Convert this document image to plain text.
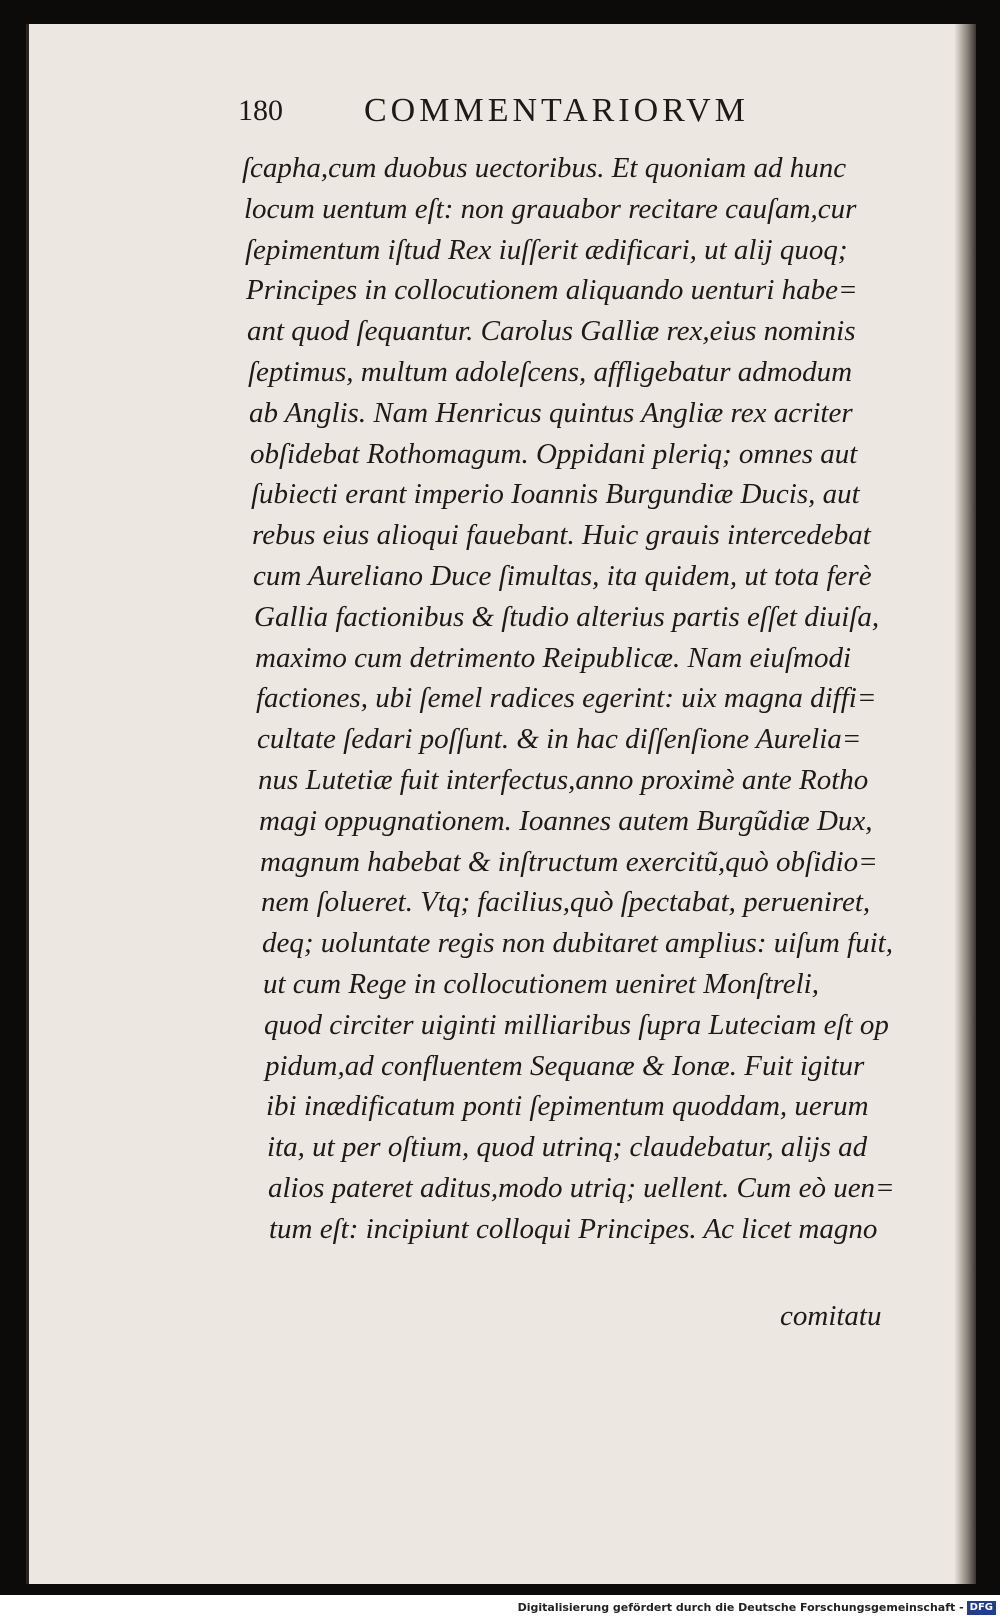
180 COMMENTARIORVM
ſcapha,cum duobus uectoribus. Et quoniam ad hunc
locum uentum eſt: non grauabor recitare cauſam,cur
ſepimentum iſtud Rex iuſſerit ædificari, ut alij quoq;
Principes in collocutionem aliquando uenturi habe=
ant quod ſequantur. Carolus Galliæ rex,eius nominis
ſeptimus, multum adoleſcens, affligebatur admodum
ab Anglis. Nam Henricus quintus Angliæ rex acriter
obſidebat Rothomagum. Oppidani pleriq; omnes aut
ſubiecti erant imperio Ioannis Burgundiæ Ducis, aut
rebus eius alioqui fauebant. Huic grauis intercedebat
cum Aureliano Duce ſimultas, ita quidem, ut tota ferè
Gallia factionibus & ſtudio alterius partis eſſet diuiſa,
maximo cum detrimento Reipublicæ. Nam eiuſmodi
factiones, ubi ſemel radices egerint: uix magna diffi=
cultate ſedari poſſunt. & in hac diſſenſione Aurelia=
nus Lutetiæ fuit interfectus,anno proximè ante Rotho
magi oppugnationem. Ioannes autem Burgũdiæ Dux,
magnum habebat & inſtructum exercitũ,quò obſidio=
nem ſolueret. Vtq; facilius,quò ſpectabat, perueniret,
deq; uoluntate regis non dubitaret amplius: uiſum fuit,
ut cum Rege in collocutionem ueniret Monſtreli,
quod circiter uiginti milliaribus ſupra Luteciam eſt op
pidum,ad confluentem Sequanæ & Ionæ. Fuit igitur
ibi inædificatum ponti ſepimentum quoddam, uerum
ita, ut per oſtium, quod utrinq; claudebatur, alijs ad
alios pateret aditus,modo utriq; uellent. Cum eò uen=
tum eſt: incipiunt colloqui Principes. Ac licet magno
comitatu
Digitalisierung gefördert durch die Deutsche Forschungsgemeinschaft - DFG
